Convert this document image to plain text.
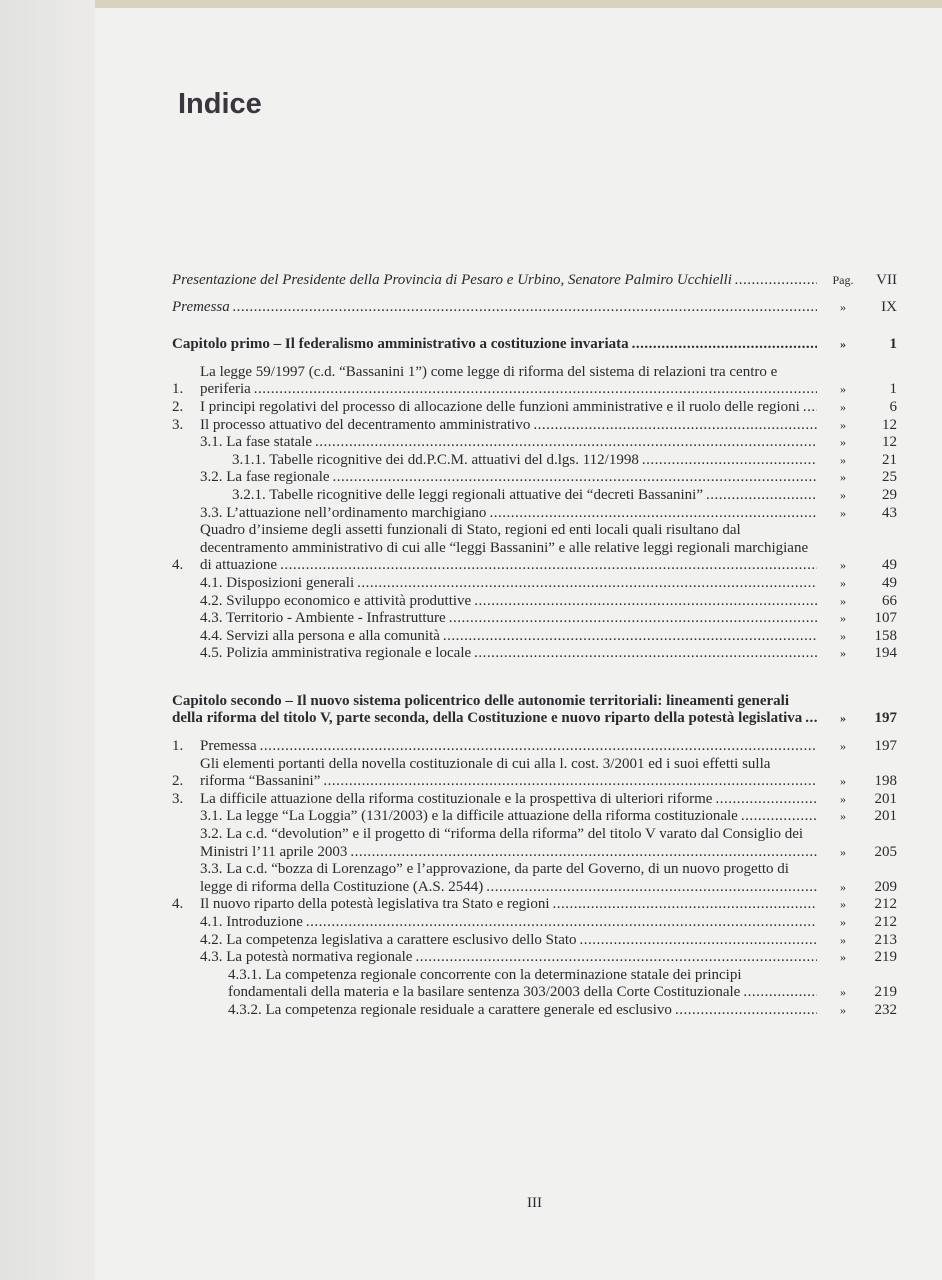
Indice
Presentazione del Presidente della Provincia di Pesaro e Urbino, Senatore Palmiro Ucchielli .....	Pag.	VII
Premessa .....	»	IX
Capitolo primo – Il federalismo amministrativo a costituzione invariata .....	»	1
1.
La legge 59/1997 (c.d. “Bassanini 1”) come legge di riforma del sistema di relazioni tra centro e periferia .....	»	1
2.	I principi regolativi del processo di allocazione delle funzioni amministrative e il ruolo delle regioni .....	»	6
3.	Il processo attuativo del decentramento amministrativo .....	»	12
3.1. La fase statale .....	»	12
3.1.1. Tabelle ricognitive dei dd.P.C.M. attuativi del d.lgs. 112/1998 .....	»	21
3.2. La fase regionale .....	»	25
3.2.1. Tabelle ricognitive delle leggi regionali attuative dei “decreti Bassanini” .....	»	29
3.3. L’attuazione nell’ordinamento marchigiano .....	»	43
4.
Quadro d’insieme degli assetti funzionali di Stato, regioni ed enti locali quali risultano dal decentramento amministrativo di cui alle “leggi Bassanini” e alle relative leggi regionali marchigiane di attuazione .....	»	49
4.1. Disposizioni generali .....	»	49
4.2. Sviluppo economico e attività produttive .....	»	66
4.3. Territorio - Ambiente - Infrastrutture .....	»	107
4.4. Servizi alla persona e alla comunità .....	»	158
4.5. Polizia amministrativa regionale e locale .....	»	194
Capitolo secondo – Il nuovo sistema policentrico delle autonomie territoriali: lineamenti generali della riforma del titolo V, parte seconda, della Costituzione e nuovo riparto della potestà legislativa .....	»	197
1.	Premessa .....	»	197
2.
Gli elementi portanti della novella costituzionale di cui alla l. cost. 3/2001 ed i suoi effetti sulla riforma “Bassanini” .....	»	198
3.	La difficile attuazione della riforma costituzionale e la prospettiva di ulteriori riforme .....	»	201
3.1. La legge “La Loggia” (131/2003) e la difficile attuazione della riforma costituzionale .....	»	201
3.2. La c.d. “devolution” e il progetto di “riforma della riforma” del titolo V varato dal Consiglio dei Ministri l’11 aprile 2003 .....	»	205
3.3. La c.d. “bozza di Lorenzago” e l’approvazione, da parte del Governo, di un nuovo progetto di legge di riforma della Costituzione (A.S. 2544) .....	»	209
4.	Il nuovo riparto della potestà legislativa tra Stato e regioni .....	»	212
4.1. Introduzione .....	»	212
4.2. La competenza legislativa a carattere esclusivo dello Stato .....	»	213
4.3. La potestà normativa regionale .....	»	219
4.3.1. La competenza regionale concorrente con la determinazione statale dei principi fondamentali della materia e la basilare sentenza 303/2003 della Corte Costituzionale .....	»	219
4.3.2. La competenza regionale residuale a carattere generale ed esclusivo .....	»	232
III
